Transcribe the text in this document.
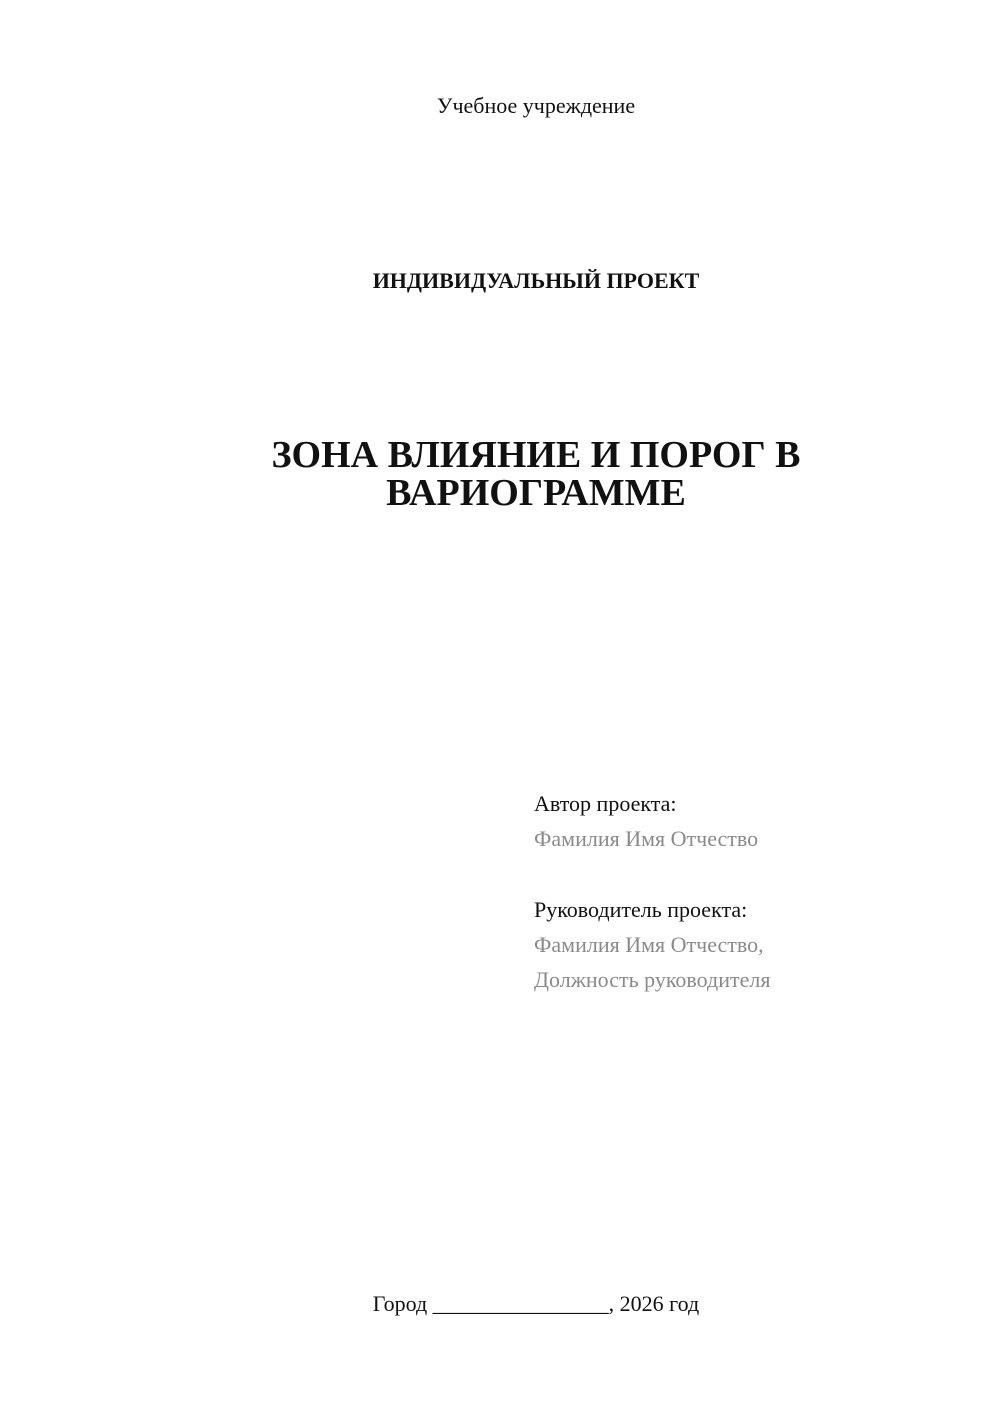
Учебное учреждение
ИНДИВИДУАЛЬНЫЙ ПРОЕКТ
ЗОНА ВЛИЯНИЕ И ПОРОГ В
ВАРИОГРАММЕ
Автор проекта:
Фамилия Имя Отчество
Руководитель проекта:
Фамилия Имя Отчество,
Должность руководителя
Город ________________, 2026 год
